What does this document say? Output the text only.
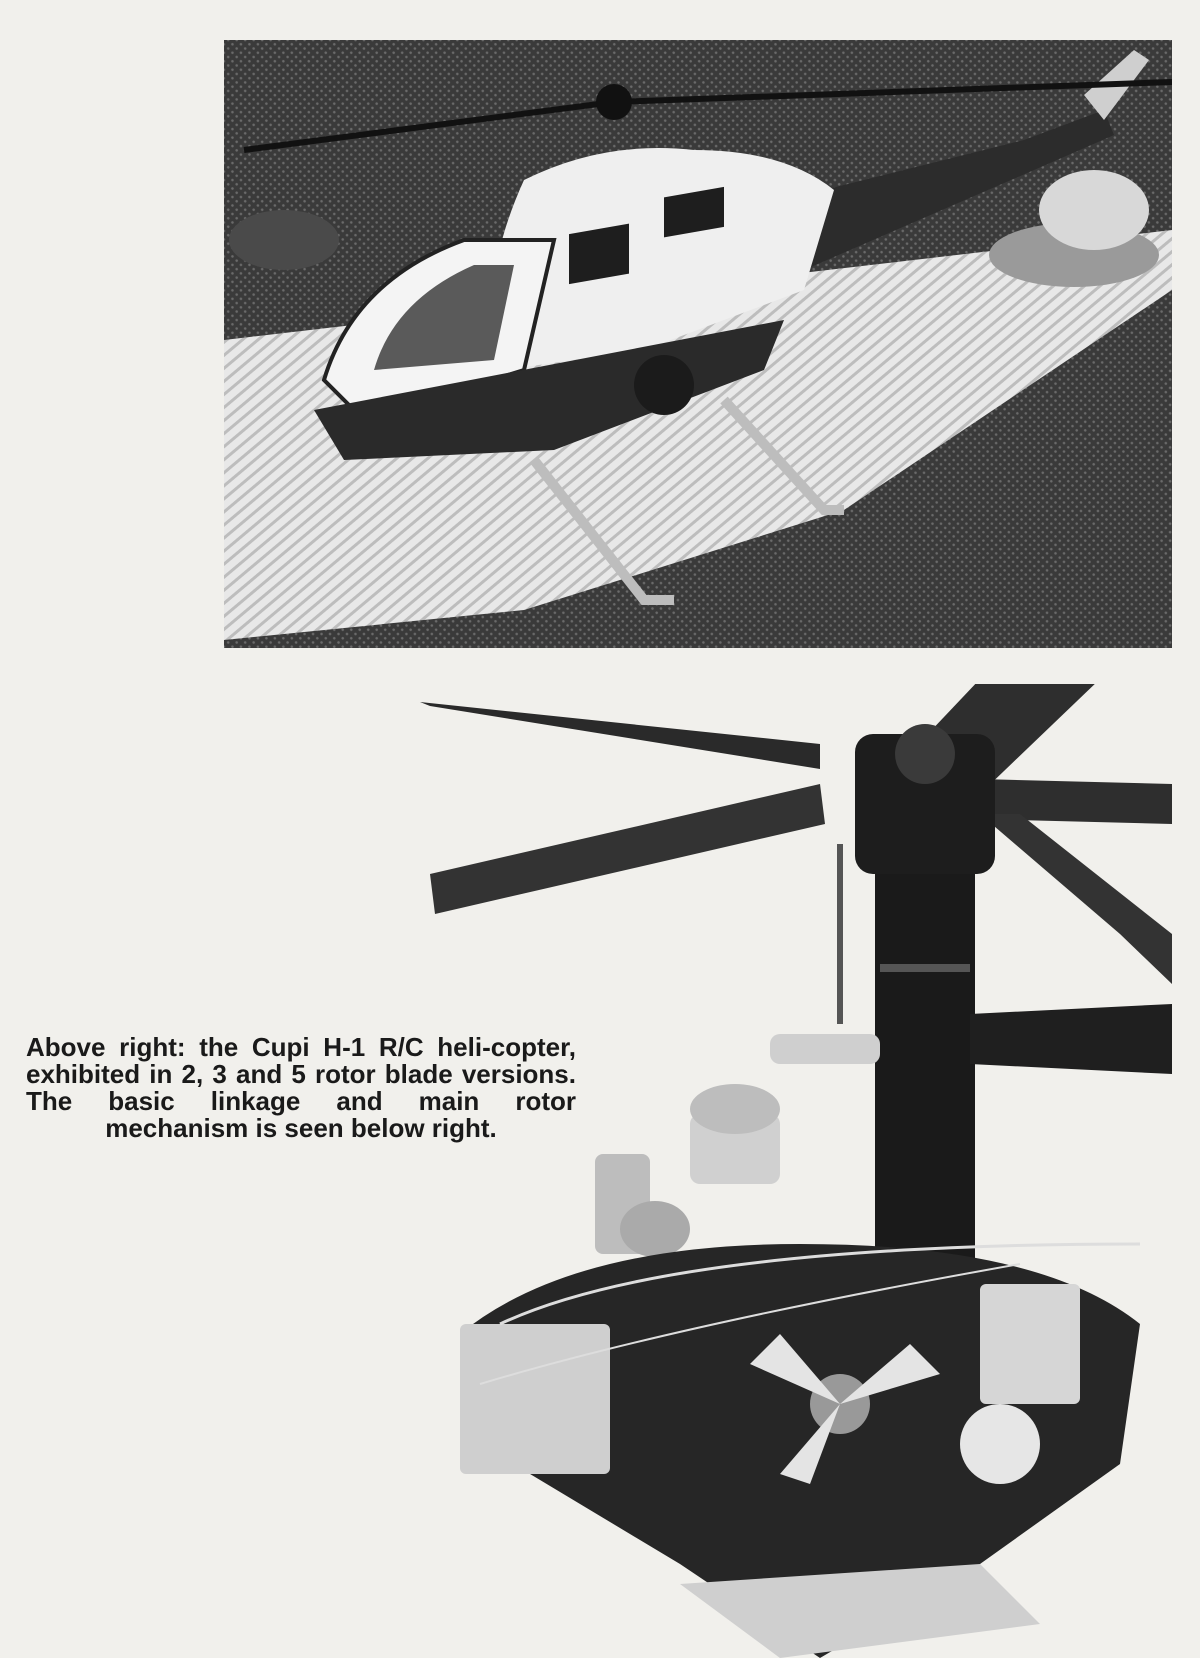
Above right: the Cupi H-1 R/C heli-copter, exhibited in 2, 3 and 5 rotor blade versions. The basic linkage and main rotor mechanism is seen below right.
